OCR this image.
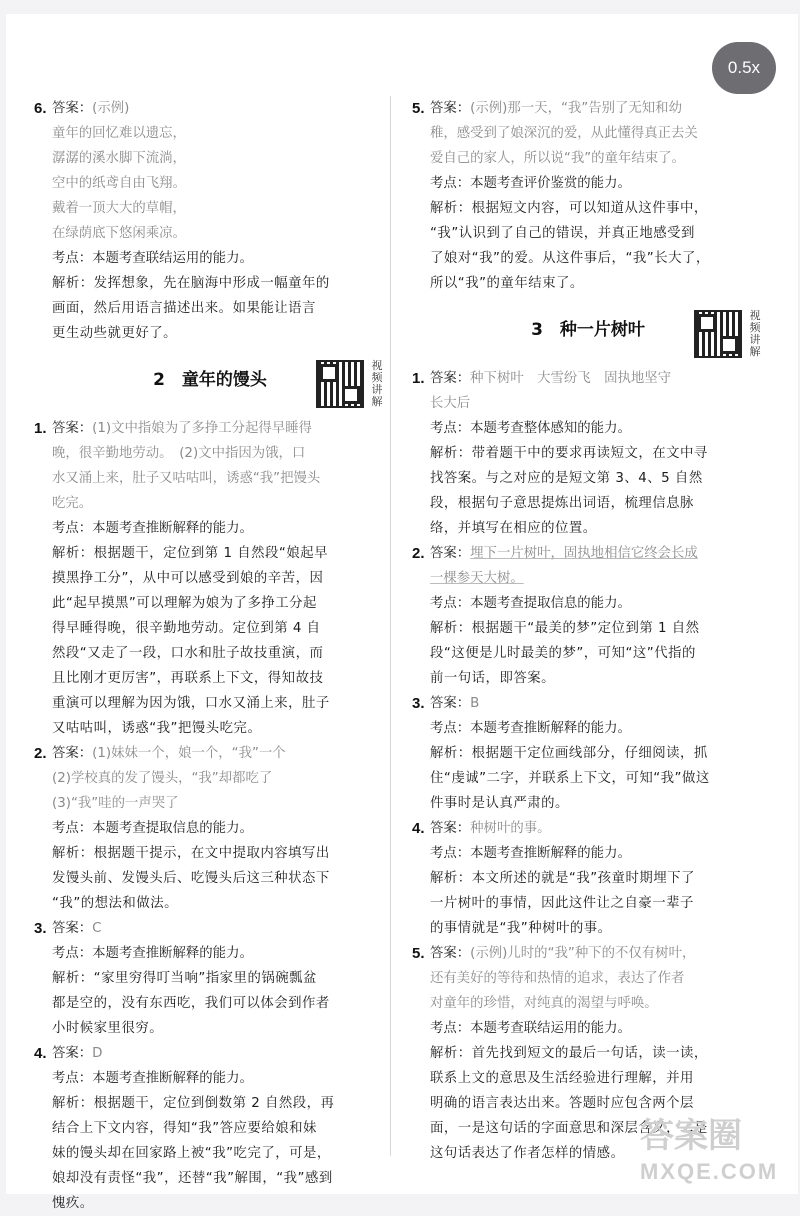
0.5x
6. 答案：(示例)
童年的回忆难以遗忘，
潺潺的溪水脚下流淌，
空中的纸鸢自由飞翔。
戴着一顶大大的草帽，
在绿荫底下悠闲乘凉。
考点：本题考查联结运用的能力。
解析：发挥想象，先在脑海中形成一幅童年的
画面，然后用语言描述出来。如果能让语言
更生动些就更好了。
2　童年的馒头
视频讲解
1. 答案：(1)文中指娘为了多挣工分起得早睡得
晚，很辛勤地劳动。　(2)文中指因为饿，口
水又涌上来，肚子又咕咕叫，诱惑“我”把馒头
吃完。
考点：本题考查推断解释的能力。
解析：根据题干，定位到第 1 自然段“娘起早
摸黑挣工分”，从中可以感受到娘的辛苦，因
此“起早摸黑”可以理解为娘为了多挣工分起
得早睡得晚，很辛勤地劳动。定位到第 4 自
然段“又走了一段，口水和肚子故技重演，而
且比刚才更厉害”，再联系上下文，得知故技
重演可以理解为因为饿，口水又涌上来，肚子
又咕咕叫，诱惑“我”把馒头吃完。
2. 答案：(1)妹妹一个，娘一个，“我”一个
(2)学校真的发了馒头，“我”却都吃了
(3)“我”哇的一声哭了
考点：本题考查提取信息的能力。
解析：根据题干提示，在文中提取内容填写出
发馒头前、发馒头后、吃馒头后这三种状态下
“我”的想法和做法。
3. 答案：C
考点：本题考查推断解释的能力。
解析：“家里穷得叮当响”指家里的锅碗瓢盆
都是空的，没有东西吃，我们可以体会到作者
小时候家里很穷。
4. 答案：D
考点：本题考查推断解释的能力。
解析：根据题干，定位到倒数第 2 自然段，再
结合上下文内容，得知“我”答应要给娘和妹
妹的馒头却在回家路上被“我”吃完了，可是，
娘却没有责怪“我”，还替“我”解围，“我”感到
愧疚。
5. 答案：(示例)那一天，“我”告别了无知和幼
稚，感受到了娘深沉的爱，从此懂得真正去关
爱自己的家人，所以说“我”的童年结束了。
考点：本题考查评价鉴赏的能力。
解析：根据短文内容，可以知道从这件事中，
“我”认识到了自己的错误，并真正地感受到
了娘对“我”的爱。从这件事后，“我”长大了，
所以“我”的童年结束了。
3　种一片树叶
视频讲解
1. 答案：种下树叶　大雪纷飞　固执地坚守
长大后
考点：本题考查整体感知的能力。
解析：带着题干中的要求再读短文，在文中寻
找答案。与之对应的是短文第 3、4、5 自然
段，根据句子意思提炼出词语，梳理信息脉
络，并填写在相应的位置。
2. 答案：埋下一片树叶，固执地相信它终会长成
一棵参天大树。
考点：本题考查提取信息的能力。
解析：根据题干“最美的梦”定位到第 1 自然
段“这便是儿时最美的梦”，可知“这”代指的
前一句话，即答案。
3. 答案：B
考点：本题考查推断解释的能力。
解析：根据题干定位画线部分，仔细阅读，抓
住“虔诚”二字，并联系上下文，可知“我”做这
件事时是认真严肃的。
4. 答案：种树叶的事。
考点：本题考查推断解释的能力。
解析：本文所述的就是“我”孩童时期埋下了
一片树叶的事情，因此这件让之自豪一辈子
的事情就是“我”种树叶的事。
5. 答案：(示例)儿时的“我”种下的不仅有树叶，
还有美好的等待和热情的追求，表达了作者
对童年的珍惜，对纯真的渴望与呼唤。
考点：本题考查联结运用的能力。
解析：首先找到短文的最后一句话，读一读，
联系上文的意思及生活经验进行理解，并用
明确的语言表达出来。答题时应包含两个层
面，一是这句话的字面意思和深层含义，二是
这句话表达了作者怎样的情感。 答案圈
MXQE.COM
